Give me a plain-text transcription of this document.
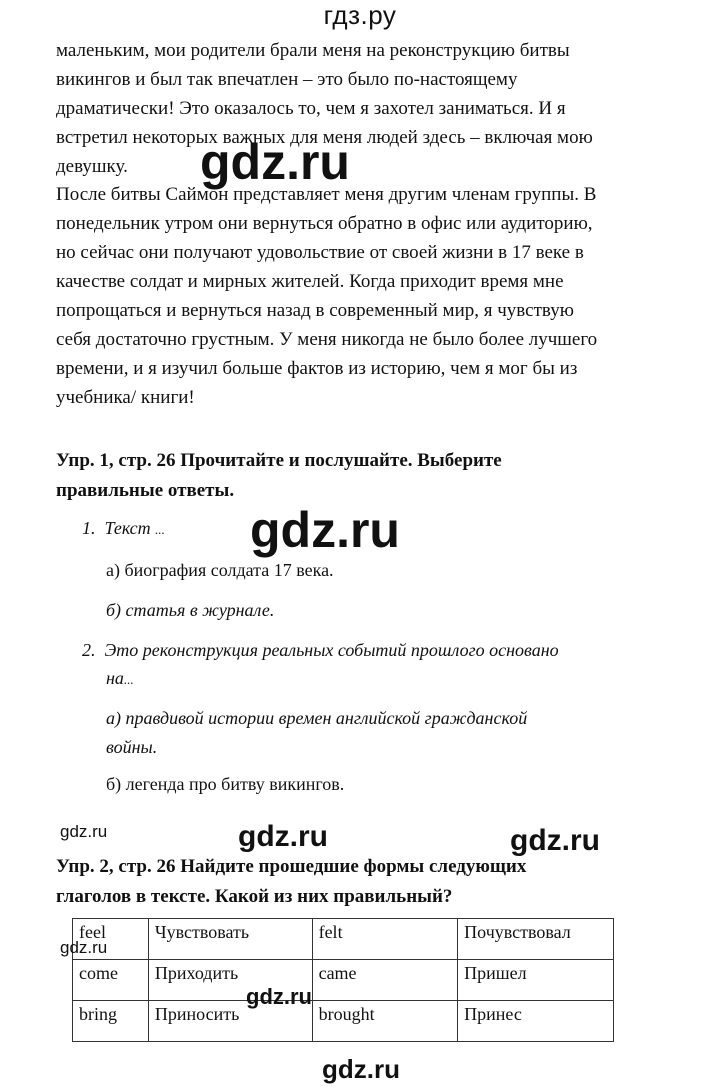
гдз.ру

маленьким, мои родители брали меня на реконструкцию битвы

викингов и был так впечатлен – это было по-настоящему

драматически! Это оказалось то, чем я захотел заниматься. И я

встретил некоторых важных для меня людей здесь – включая мою

девушку.	gdz.ru

После битвы Саймон представляет меня другим членам группы. В

понедельник утром они вернуться обратно в офис или аудиторию,

но сейчас они получают удовольствие от своей жизни в 17 веке в

качестве солдат и мирных жителей. Когда приходит время мне

попрощаться и вернуться назад в современный мир, я чувствую

себя достаточно грустным. У меня никогда не было более лучшего

времени, и я изучил больше фактов из историю, чем я мог бы из

учебника/ книги!

Упр. 1, стр. 26 Прочитайте и послушайте. Выберите

правильные ответы.

1. Текст ... gdz.ru
а) биография солдата 17 века.
б) статья в журнале.
2. Это реконструкция реальных событий прошлого основано
на...
а) правдивой истории времен английской гражданской
войны.
б) легенда про битву викингов.
gdz.ru	gdz.ru	gdz.ru

Упр. 2, стр. 26 Найдите прошедшие формы следующих

глаголов в тексте. Какой из них правильный?

feel	Чувствовать	felt	Почувствовал
come	Приходить	came	Пришел
bring	Приносить	brought	Принес
gdz.ru
gdz.ru
gdz.ru
